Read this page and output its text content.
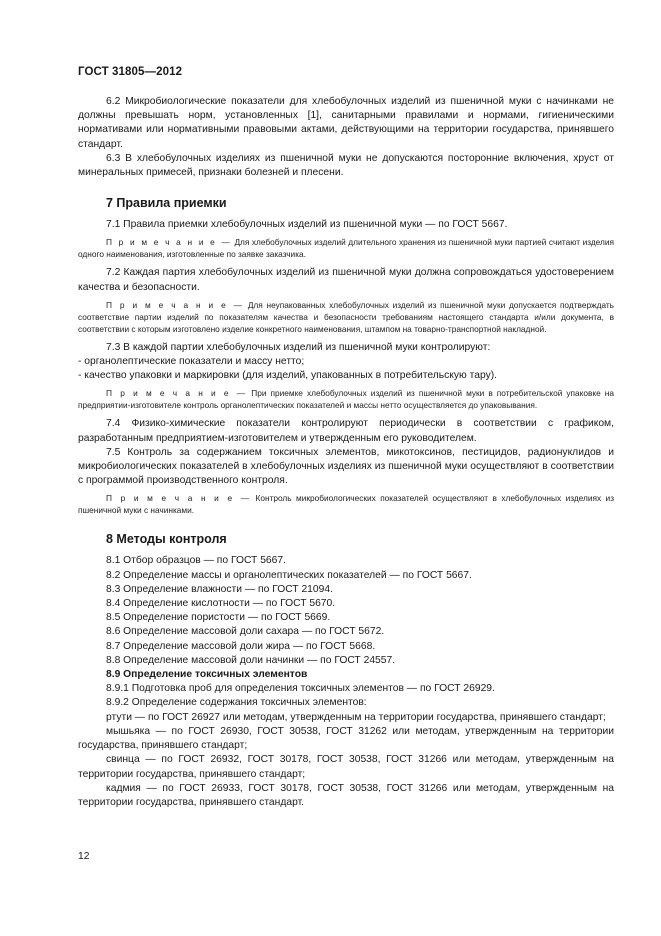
ГОСТ 31805—2012

6.2 Микробиологические показатели для хлебобулочных изделий из пшеничной муки с начинками не должны превышать норм, установленных [1], санитарными правилами и нормами, гигиеническими нормативами или нормативными правовыми актами, действующими на территории государства, принявшего стандарт.

6.3 В хлебобулочных изделиях из пшеничной муки не допускаются посторонние включения, хруст от минеральных примесей, признаки болезней и плесени.

7 Правила приемки

7.1 Правила приемки хлебобулочных изделий из пшеничной муки — по ГОСТ 5667.

П р и м е ч а н и е — Для хлебобулочных изделий длительного хранения из пшеничной муки партией считают изделия одного наименования, изготовленные по заявке заказчика.

7.2 Каждая партия хлебобулочных изделий из пшеничной муки должна сопровождаться удостоверением качества и безопасности.

П р и м е ч а н и е — Для неупакованных хлебобулочных изделий из пшеничной муки допускается подтверждать соответствие партии изделий по показателям качества и безопасности требованиям настоящего стандарта и/или документа, в соответствии с которым изготовлено изделие конкретного наименования, штампом на товарно-транспортной накладной.

7.3 В каждой партии хлебобулочных изделий из пшеничной муки контролируют:

- органолептические показатели и массу нетто;

- качество упаковки и маркировки (для изделий, упакованных в потребительскую тару).

П р и м е ч а н и е — При приемке хлебобулочных изделий из пшеничной муки в потребительской упаковке на предприятии-изготовителе контроль органолептических показателей и массы нетто осуществляется до упаковывания.

7.4 Физико-химические показатели контролируют периодически в соответствии с графиком, разработанным предприятием-изготовителем и утвержденным его руководителем.

7.5 Контроль за содержанием токсичных элементов, микотоксинов, пестицидов, радионуклидов и микробиологических показателей в хлебобулочных изделиях из пшеничной муки осуществляют в соответствии с программой производственного контроля.

П р и м е ч а н и е — Контроль микробиологических показателей осуществляют в хлебобулочных изделиях из пшеничной муки с начинками.

8 Методы контроля

8.1 Отбор образцов — по ГОСТ 5667.

8.2 Определение массы и органолептических показателей — по ГОСТ 5667.

8.3 Определение влажности — по ГОСТ 21094.

8.4 Определение кислотности — по ГОСТ 5670.

8.5 Определение пористости — по ГОСТ 5669.

8.6 Определение массовой доли сахара — по ГОСТ 5672.

8.7 Определение массовой доли жира — по ГОСТ 5668.

8.8 Определение массовой доли начинки — по ГОСТ 24557.

8.9 Определение токсичных элементов

8.9.1 Подготовка проб для определения токсичных элементов — по ГОСТ 26929.

8.9.2 Определение содержания токсичных элементов:

ртути — по ГОСТ 26927 или методам, утвержденным на территории государства, принявшего стандарт;

мышьяка — по ГОСТ 26930, ГОСТ 30538, ГОСТ 31262 или методам, утвержденным на территории государства, принявшего стандарт;

свинца — по ГОСТ 26932, ГОСТ 30178, ГОСТ 30538, ГОСТ 31266 или методам, утвержденным на территории государства, принявшего стандарт;

кадмия — по ГОСТ 26933, ГОСТ 30178, ГОСТ 30538, ГОСТ 31266 или методам, утвержденным на территории государства, принявшего стандарт.

12
